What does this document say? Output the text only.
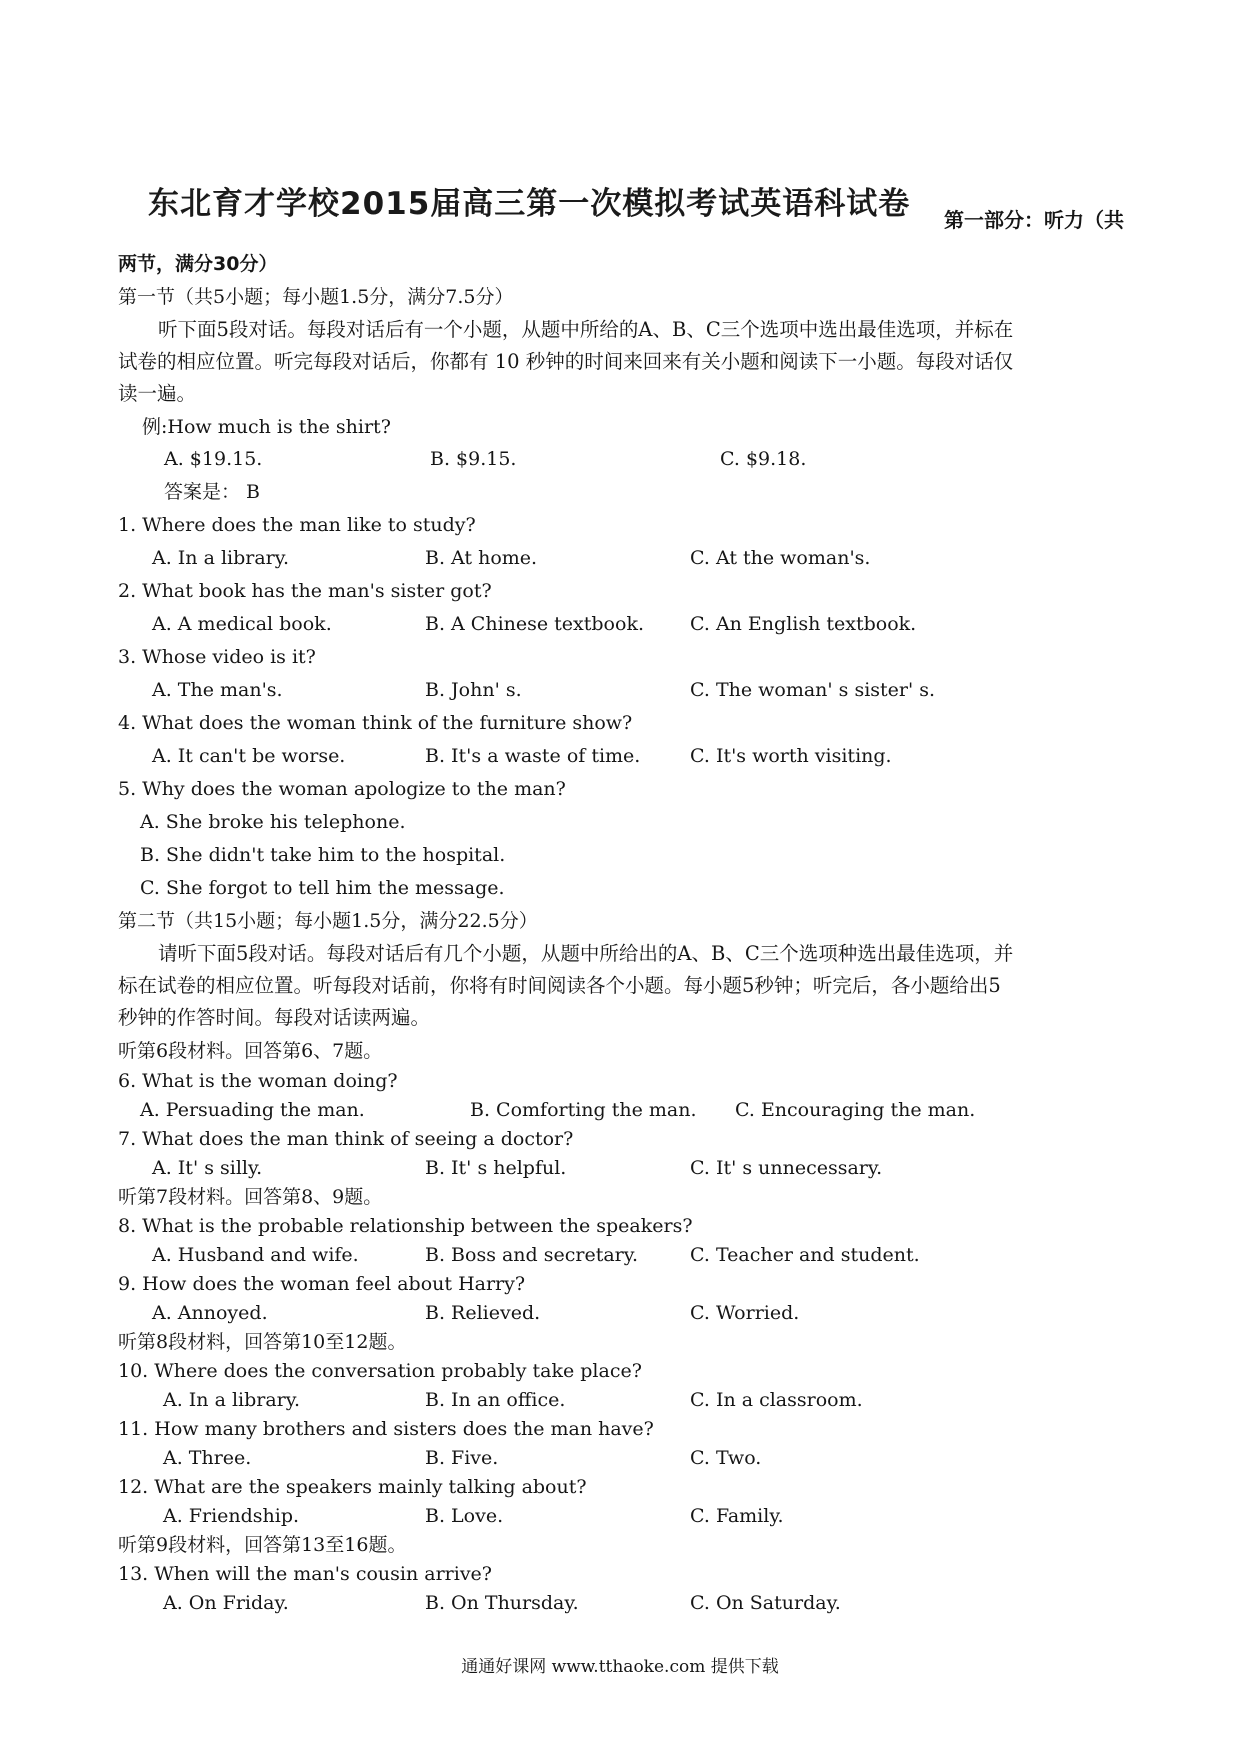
东北育才学校2015届高三第一次模拟考试英语科试卷 第一部分：听力（共
两节，满分30分）
第一节（共5小题；每小题1.5分，满分7.5分）
听下面5段对话。每段对话后有一个小题，从题中所给的A、B、C三个选项中选出最佳选项，并标在
试卷的相应位置。听完每段对话后，你都有 10 秒钟的时间来回来有关小题和阅读下一小题。每段对话仅
读一遍。
例:How much is the shirt?
A. $19.15.	B. $9.15.	C. $9.18.
答案是： B
1. Where does the man like to study?
A. In a library.	B. At home.	C. At the woman's.
2. What book has the man's sister got?
A. A medical book.	B. A Chinese textbook. C. An English textbook.
3. Whose video is it?
A. The man's.	B. John' s.	C. The woman' s sister' s.
4. What does the woman think of the furniture show?
A. It can't be worse.	B. It's a waste of time.	C. It's worth visiting.
5. Why does the woman apologize to the man?
A. She broke his telephone.
B. She didn't take him to the hospital.
C. She forgot to tell him the message.
第二节（共15小题；每小题1.5分，满分22.5分）
请听下面5段对话。每段对话后有几个小题，从题中所给出的A、B、C三个选项种选出最佳选项，并
标在试卷的相应位置。听每段对话前，你将有时间阅读各个小题。每小题5秒钟；听完后，各小题给出5
秒钟的作答时间。每段对话读两遍。
听第6段材料。回答第6、7题。
6. What is the woman doing?
A. Persuading the man.	B. Comforting the man. C. Encouraging the man.
7. What does the man think of seeing a doctor?
A. It' s silly.	B. It' s helpful.	C. It' s unnecessary.
听第7段材料。回答第8、9题。
8. What is the probable relationship between the speakers?
A. Husband and wife.	B. Boss and secretary.	C. Teacher and student.
9. How does the woman feel about Harry?
A. Annoyed.	B. Relieved.	C. Worried.
听第8段材料，回答第10至12题。
10. Where does the conversation probably take place?
A. In a library.	B. In an office.	C. In a classroom.
11. How many brothers and sisters does the man have?
A. Three.	B. Five.	C. Two.
12. What are the speakers mainly talking about?
A. Friendship.	B. Love.	C. Family.
听第9段材料，回答第13至16题。
13. When will the man's cousin arrive?
A. On Friday.	B. On Thursday.	C. On Saturday.
通通好课网 www.tthaoke.com 提供下载
